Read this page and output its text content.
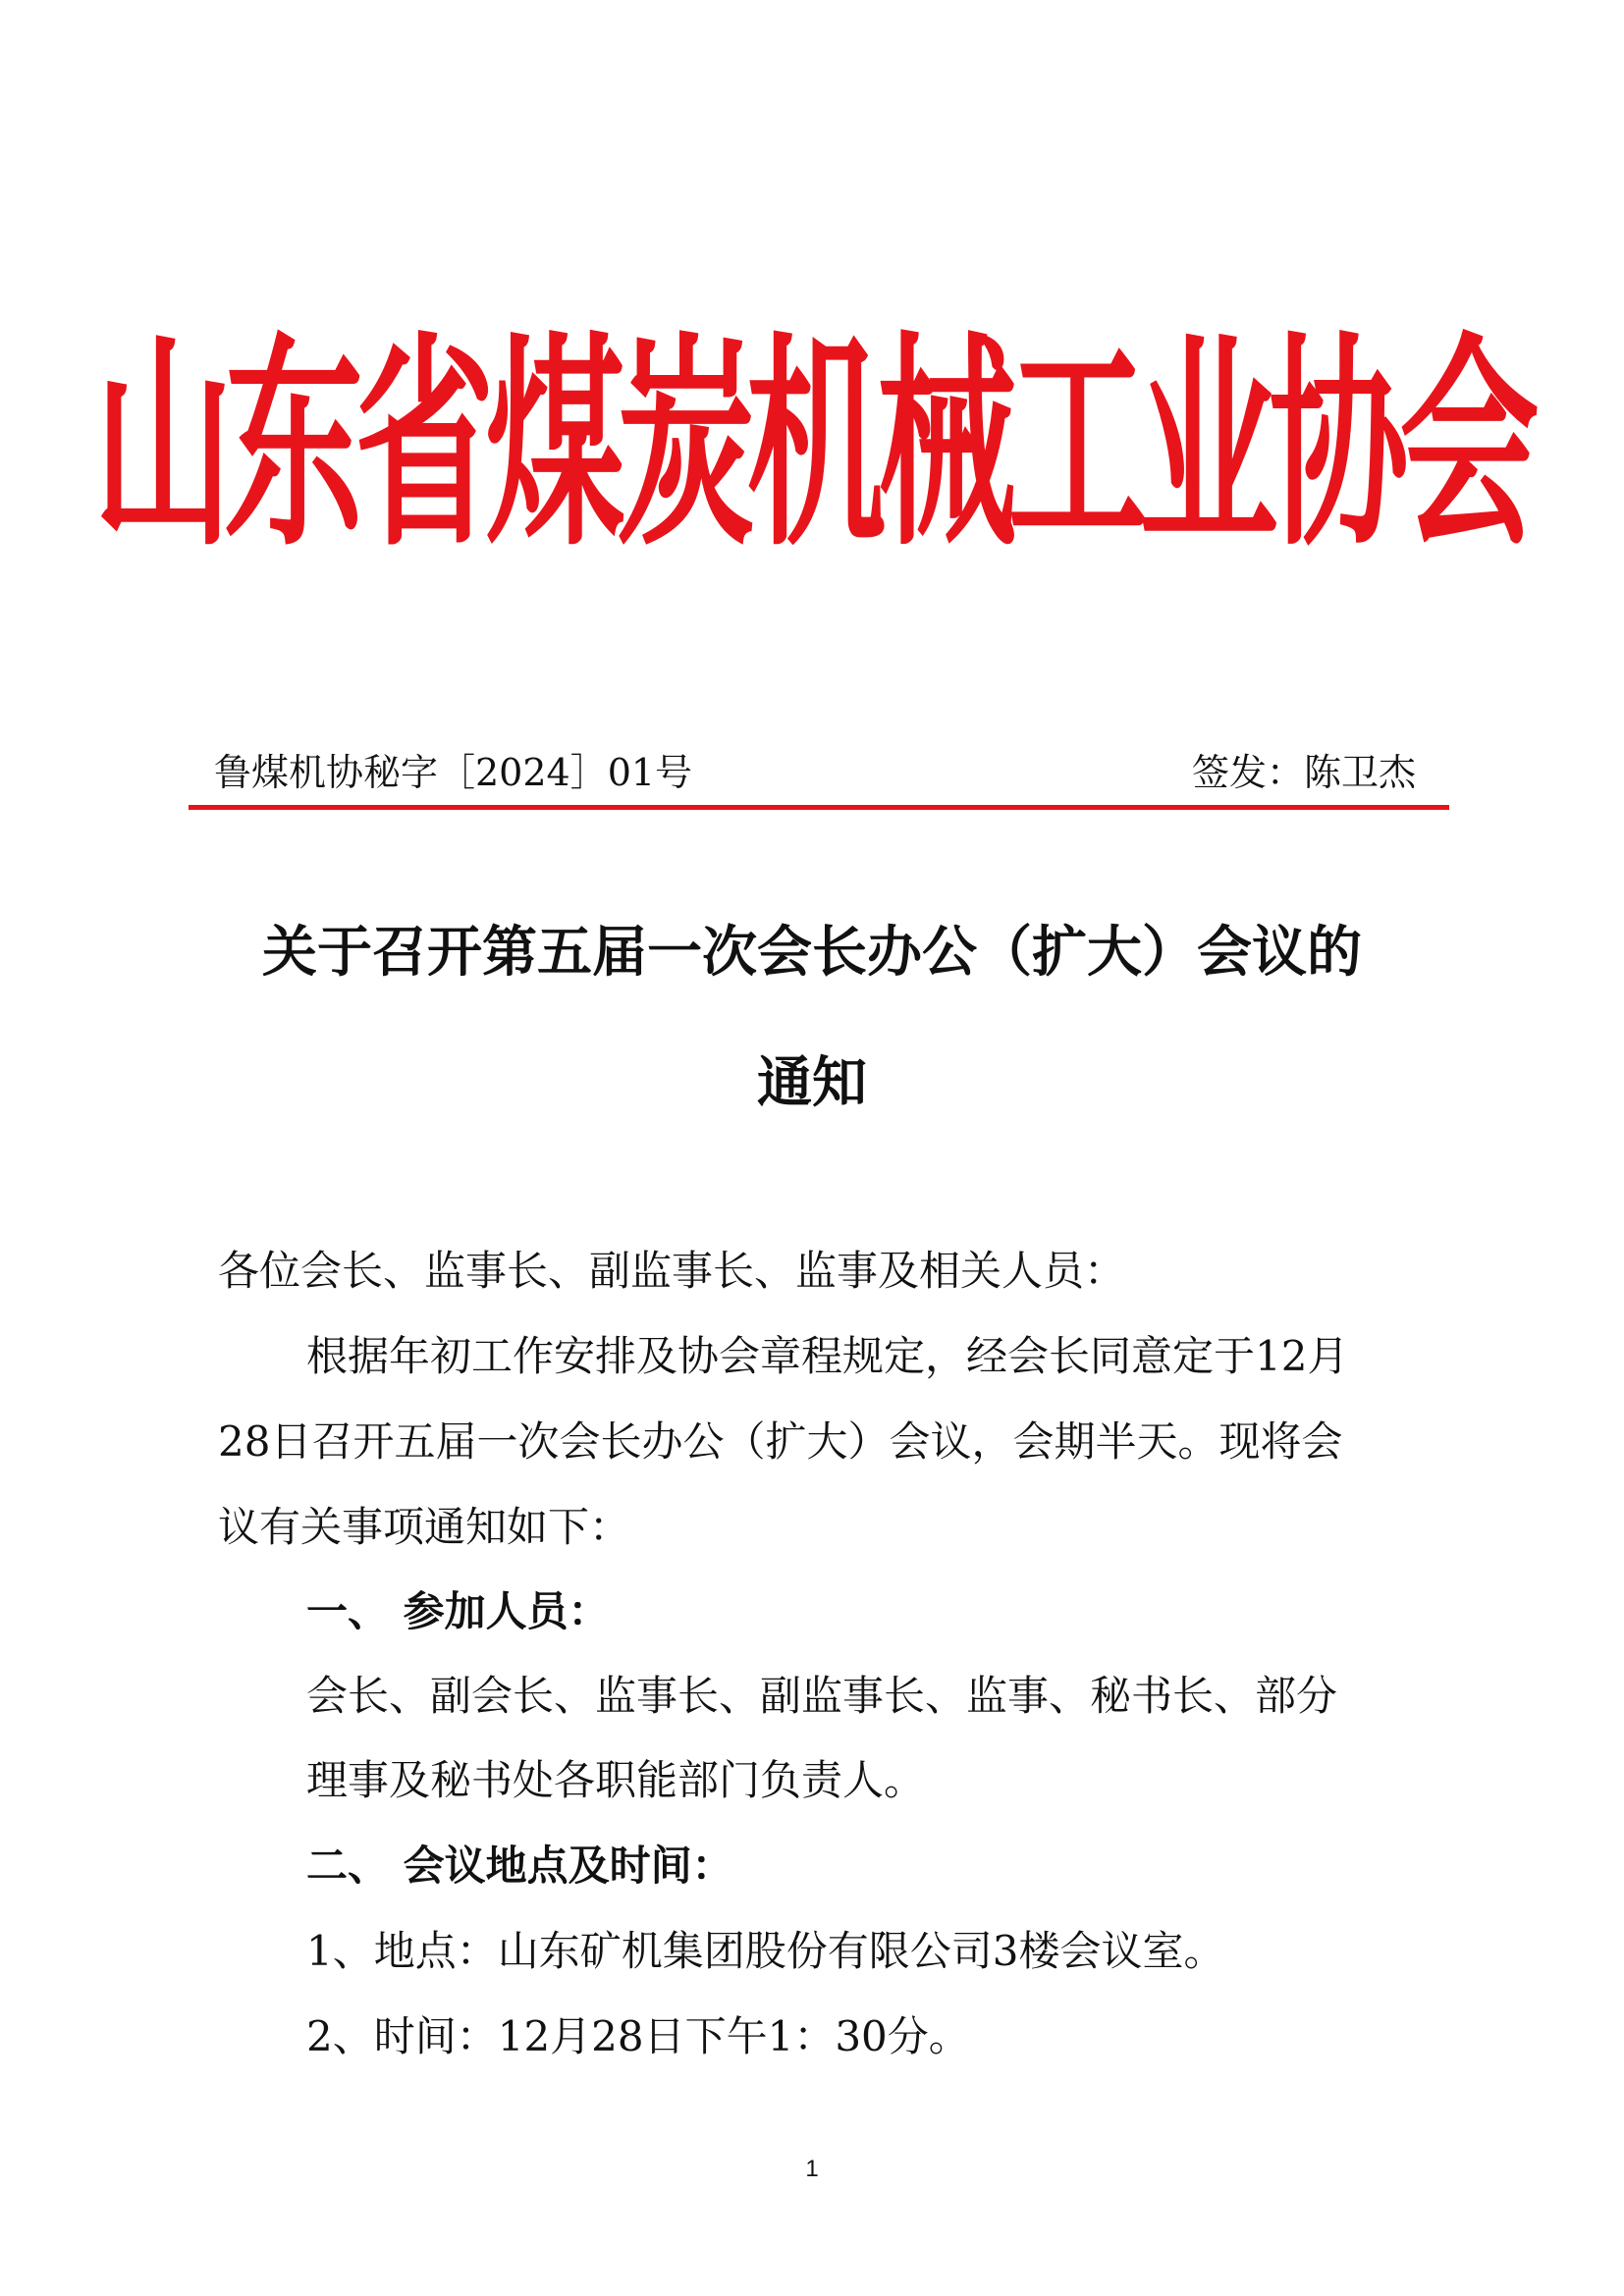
山东省煤炭机械工业协会
鲁煤机协秘字［2024］01号	签发：陈卫杰
关于召开第五届一次会长办公（扩大）会议的
通知
各位会长、监事长、副监事长、监事及相关人员：
根据年初工作安排及协会章程规定，经会长同意定于12月
28日召开五届一次会长办公（扩大）会议，会期半天。现将会
议有关事项通知如下：
一、 参加人员：
会长、副会长、监事长、副监事长、监事、秘书长、部分
理事及秘书处各职能部门负责人。
二、 会议地点及时间：
1、地点：山东矿机集团股份有限公司3楼会议室。
2、时间：12月28日下午1：30分。
1
